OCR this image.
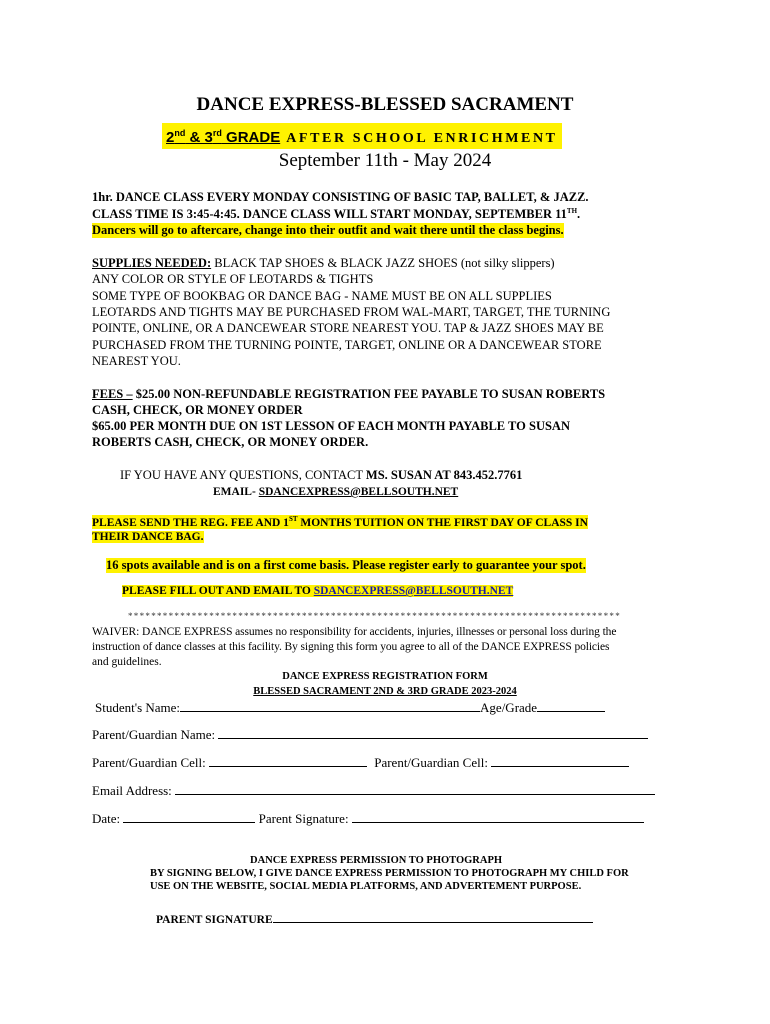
DANCE EXPRESS-BLESSED SACRAMENT
2nd & 3rd GRADE AFTER SCHOOL ENRICHMENT
September 11th - May 2024
1hr. DANCE CLASS EVERY MONDAY CONSISTING OF BASIC TAP, BALLET, & JAZZ.
CLASS TIME IS 3:45-4:45. DANCE CLASS WILL START MONDAY, SEPTEMBER 11TH.
Dancers will go to aftercare, change into their outfit and wait there until the class begins.
SUPPLIES NEEDED: BLACK TAP SHOES & BLACK JAZZ SHOES (not silky slippers)
ANY COLOR OR STYLE OF LEOTARDS & TIGHTS
SOME TYPE OF BOOKBAG OR DANCE BAG - NAME MUST BE ON ALL SUPPLIES
LEOTARDS AND TIGHTS MAY BE PURCHASED FROM WAL-MART, TARGET, THE TURNING
POINTE, ONLINE, OR A DANCEWEAR STORE NEAREST YOU. TAP & JAZZ SHOES MAY BE
PURCHASED FROM THE TURNING POINTE, TARGET, ONLINE OR A DANCEWEAR STORE
NEAREST YOU.
FEES – $25.00 NON-REFUNDABLE REGISTRATION FEE PAYABLE TO SUSAN ROBERTS
CASH, CHECK, OR MONEY ORDER
$65.00 PER MONTH DUE ON 1ST LESSON OF EACH MONTH PAYABLE TO SUSAN
ROBERTS CASH, CHECK, OR MONEY ORDER.
IF YOU HAVE ANY QUESTIONS, CONTACT MS. SUSAN AT 843.452.7761
EMAIL- SDANCEXPRESS@BELLSOUTH.NET
PLEASE SEND THE REG. FEE AND 1ST MONTHS TUITION ON THE FIRST DAY OF CLASS IN
THEIR DANCE BAG.
16 spots available and is on a first come basis. Please register early to guarantee your spot.
PLEASE FILL OUT AND EMAIL TO SDANCEXPRESS@BELLSOUTH.NET
*************************************************************************************
WAIVER: DANCE EXPRESS assumes no responsibility for accidents, injuries, illnesses or personal loss during the
instruction of dance classes at this facility. By signing this form you agree to all of the DANCE EXPRESS policies
and guidelines.
DANCE EXPRESS REGISTRATION FORM
BLESSED SACRAMENT 2ND & 3RD GRADE 2023-2024
Student's Name:	Age/Grade
Parent/Guardian Name:
Parent/Guardian Cell:	Parent/Guardian Cell:
Email Address:
Date:	Parent Signature:
DANCE EXPRESS PERMISSION TO PHOTOGRAPH
BY SIGNING BELOW, I GIVE DANCE EXPRESS PERMISSION TO PHOTOGRAPH MY CHILD FOR
USE ON THE WEBSITE, SOCIAL MEDIA PLATFORMS, AND ADVERTEMENT PURPOSE.
PARENT SIGNATURE
